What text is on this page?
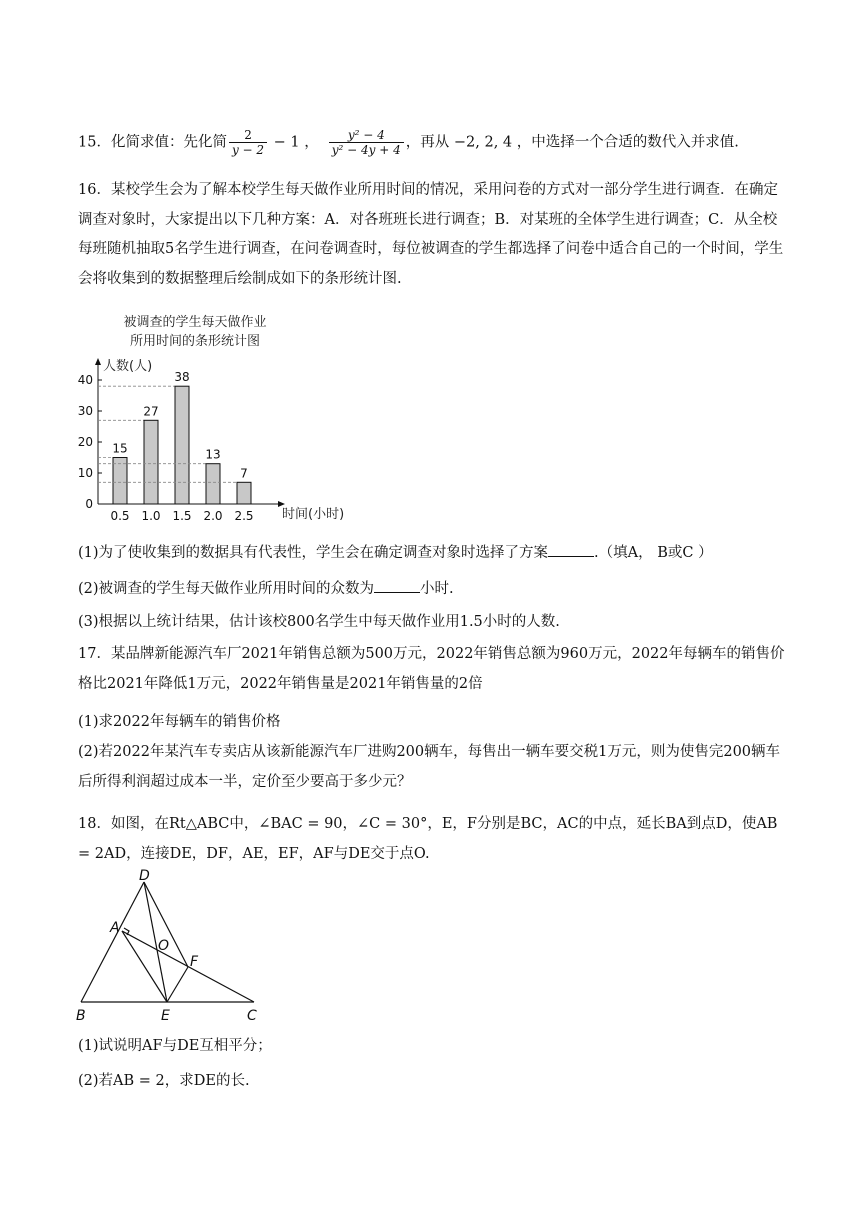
15．化简求值：先化简 $\frac{2}{y - 2} - 1$ ， $\frac{\text{y² − 4}}{\text{y² − 4y + 4}}$ ，再从 −2, 2, 4 ，中选择一个合适的数代入并求值.
16．某校学生会为了解本校学生每天做作业所用时间的情况，采用问卷的方式对一部分学生进行调查．在确定调查对象时，大家提出以下几种方案：A．对各班班长进行调查；B．对某班的全体学生进行调查；C．从全校每班随机抽取5名学生进行调查，在问卷调查时，每位被调查的学生都选择了问卷中适合自己的一个时间，学生会将收集到的数据整理后绘制成如下的条形统计图.
被调查的学生每天做作业
所用时间的条形统计图
人数(人)
时间(小时)
0
10
20
30
40
15
0.5
27
1.0
38
1.5
13
2.0
7
2.5
(1)为了使收集到的数据具有代表性，学生会在确定调查对象时选择了方案	.（填A， B或C ）
(2)被调查的学生每天做作业所用时间的众数为	小时.
(3)根据以上统计结果，估计该校800名学生中每天做作业用1.5小时的人数.
17．某品牌新能源汽车厂2021年销售总额为500万元，2022年销售总额为960万元，2022年每辆车的销售价格比2021年降低1万元，2022年销售量是2021年销售量的2倍
(1)求2022年每辆车的销售价格
(2)若2022年某汽车专卖店从该新能源汽车厂进购200辆车，每售出一辆车要交税1万元，则为使售完200辆车后所得利润超过成本一半，定价至少要高于多少元？
18．如图，在Rt△ABC中，∠BAC = 90，∠C = 30°，E，F分别是BC，AC的中点，延长BA到点D，使AB = 2AD，连接DE，DF，AE，EF，AF与DE交于点O.
D
A
O
F
B	E	C
(1)试说明AF与DE互相平分；
(2)若AB = 2，求DE的长.
